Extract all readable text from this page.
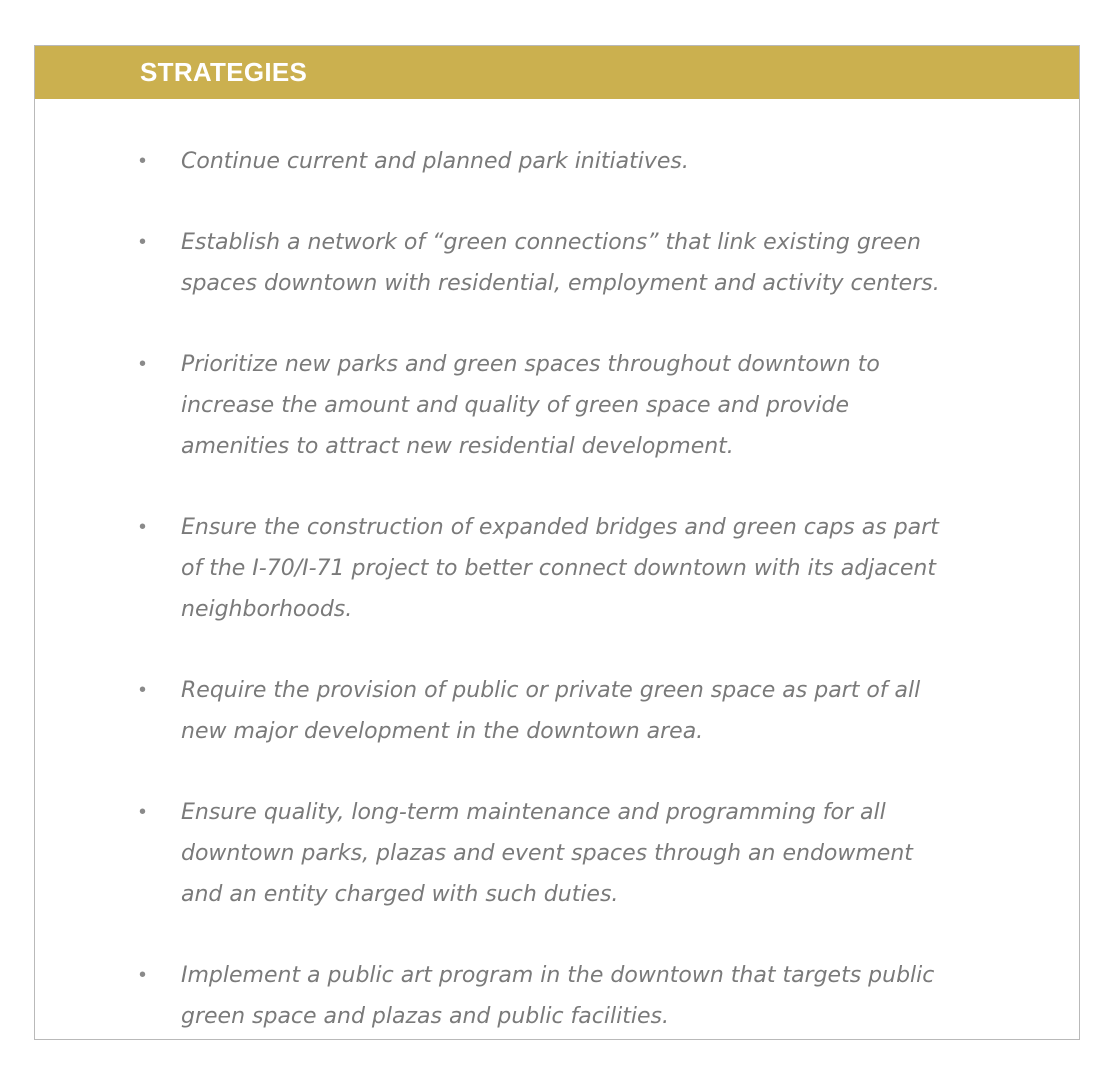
STRATEGIES
• Continue current and planned park initiatives.
• Establish a network of “green connections” that link existing green spaces downtown with residential, employment and activity centers.
• Prioritize new parks and green spaces throughout downtown to increase the amount and quality of green space and provide amenities to attract new residential development.
• Ensure the construction of expanded bridges and green caps as part of the I-70/I-71 project to better connect downtown with its adjacent neighborhoods.
• Require the provision of public or private green space as part of all new major development in the downtown area.
• Ensure quality, long-term maintenance and programming for all downtown parks, plazas and event spaces through an endowment and an entity charged with such duties.
• Implement a public art program in the downtown that targets public green space and plazas and public facilities.
